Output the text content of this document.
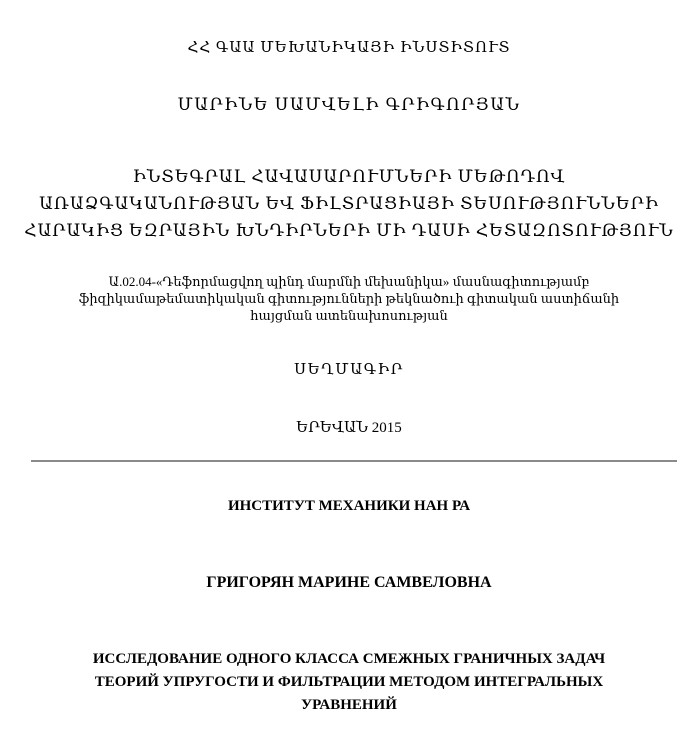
ՀՀ ԳԱԱ ՄԵԽԱՆԻԿԱՅԻ ԻՆՍՏԻՏՈՒՏ
ՄԱՐԻՆԵ ՍԱՄՎԵԼԻ ԳՐԻԳՈՐՅԱՆ
ԻՆՏԵԳՐԱԼ ՀԱՎԱՍԱՐՈՒՄՆԵՐԻ ՄԵԹՈԴՈՎ
ԱՌԱՁԳԱԿԱՆՈՒԹՅԱՆ ԵՎ ՖԻԼՏՐԱՑԻԱՅԻ ՏԵՍՈՒԹՅՈՒՆՆԵՐԻ
ՀԱՐԱԿԻՑ ԵԶՐԱՅԻՆ ԽՆԴԻՐՆԵՐԻ ՄԻ ԴԱՍԻ ՀԵՏԱԶՈՏՈՒԹՅՈՒՆ
Ա.02.04-«Դեֆորմացվող պինդ մարմնի մեխանիկա» մասնագիտությամբ
ֆիզիկամաթեմատիկական գիտությունների թեկնածուի գիտական աստիճանի
հայցման ատենախոսության
ՍԵՂՄԱԳԻՐ
ԵՐԵՎԱՆ 2015
ИНСТИТУТ МЕХАНИКИ НАН РА
ГРИГОРЯН МАРИНЕ САМВЕЛОВНА
ИССЛЕДОВАНИЕ ОДНОГО КЛАССА СМЕЖНЫХ ГРАНИЧНЫХ ЗАДАЧ
ТЕОРИЙ УПРУГОСТИ И ФИЛЬТРАЦИИ МЕТОДОМ ИНТЕГРАЛЬНЫХ
УРАВНЕНИЙ
